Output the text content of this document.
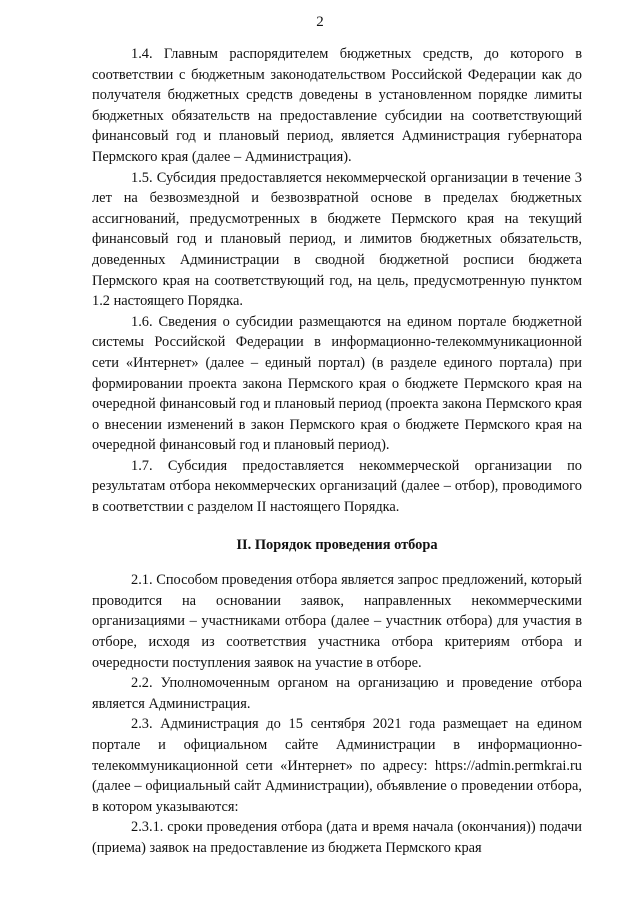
2

1.4. Главным распорядителем бюджетных средств, до которого в соответствии с бюджетным законодательством Российской Федерации как до получателя бюджетных средств доведены в установленном порядке лимиты бюджетных обязательств на предоставление субсидии на соответствующий финансовый год и плановый период, является Администрация губернатора Пермского края (далее – Администрация).

1.5. Субсидия предоставляется некоммерческой организации в течение 3 лет на безвозмездной и безвозвратной основе в пределах бюджетных ассигнований, предусмотренных в бюджете Пермского края на текущий финансовый год и плановый период, и лимитов бюджетных обязательств, доведенных Администрации в сводной бюджетной росписи бюджета Пермского края на соответствующий год, на цель, предусмотренную пунктом 1.2 настоящего Порядка.

1.6. Сведения о субсидии размещаются на едином портале бюджетной системы Российской Федерации в информационно-телекоммуникационной сети «Интернет» (далее – единый портал) (в разделе единого портала) при формировании проекта закона Пермского края о бюджете Пермского края на очередной финансовый год и плановый период (проекта закона Пермского края о внесении изменений в закон Пермского края о бюджете Пермского края на очередной финансовый год и плановый период).

1.7. Субсидия предоставляется некоммерческой организации по результатам отбора некоммерческих организаций (далее – отбор), проводимого в соответствии с разделом II настоящего Порядка.

II. Порядок проведения отбора

2.1. Способом проведения отбора является запрос предложений, который проводится на основании заявок, направленных некоммерческими организациями – участниками отбора (далее – участник отбора) для участия в отборе, исходя из соответствия участника отбора критериям отбора и очередности поступления заявок на участие в отборе.

2.2. Уполномоченным органом на организацию и проведение отбора является Администрация.

2.3. Администрация до 15 сентября 2021 года размещает на едином портале и официальном сайте Администрации в информационно-телекоммуникационной сети «Интернет» по адресу: https://admin.permkrai.ru (далее – официальный сайт Администрации), объявление о проведении отбора, в котором указываются:

2.3.1. сроки проведения отбора (дата и время начала (окончания)) подачи (приема) заявок на предоставление из бюджета Пермского края
